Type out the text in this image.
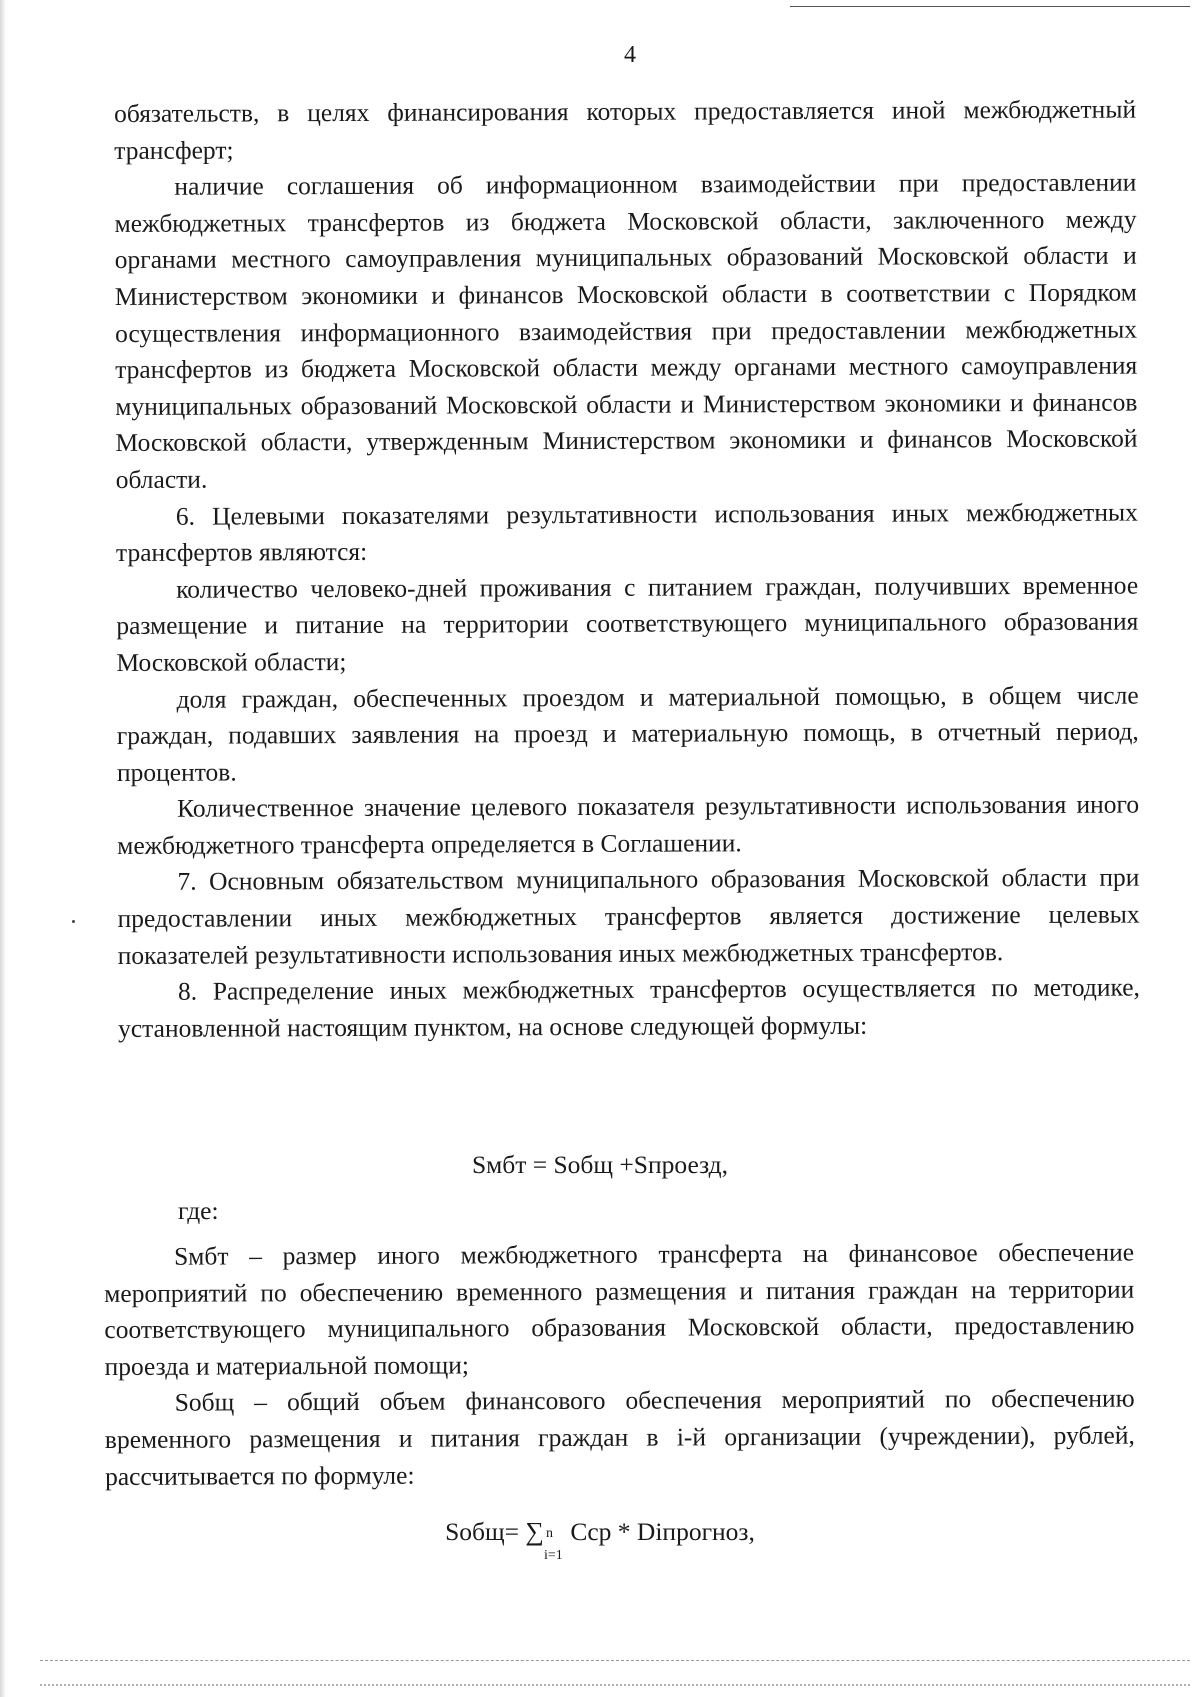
4

обязательств, в целях финансирования которых предоставляется иной межбюджетный трансферт;

наличие соглашения об информационном взаимодействии при предоставлении межбюджетных трансфертов из бюджета Московской области, заключенного между органами местного самоуправления муниципальных образований Московской области и Министерством экономики и финансов Московской области в соответствии с Порядком осуществления информационного взаимодействия при предоставлении межбюджетных трансфертов из бюджета Московской области между органами местного самоуправления муниципальных образований Московской области и Министерством экономики и финансов Московской области, утвержденным Министерством экономики и финансов Московской области.

6. Целевыми показателями результативности использования иных межбюджетных трансфертов являются:

количество человеко-дней проживания с питанием граждан, получивших временное размещение и питание на территории соответствующего муниципального образования Московской области;

доля граждан, обеспеченных проездом и материальной помощью, в общем числе граждан, подавших заявления на проезд и материальную помощь, в отчетный период, процентов.

Количественное значение целевого показателя результативности использования иного межбюджетного трансферта определяется в Соглашении.

7. Основным обязательством муниципального образования Московской области при предоставлении иных межбюджетных трансфертов является достижение целевых показателей результативности использования иных межбюджетных трансфертов.

8. Распределение иных межбюджетных трансфертов осуществляется по методике, установленной настоящим пунктом, на основе следующей формулы:

Sмбт = Sобщ +Sпроезд,
где:

Sмбт – размер иного межбюджетного трансферта на финансовое обеспечение мероприятий по обеспечению временного размещения и питания граждан на территории соответствующего муниципального образования Московской области, предоставлению проезда и материальной помощи;

Sобщ – общий объем финансового обеспечения мероприятий по обеспечению временного размещения и питания граждан в i-й организации (учреждении), рублей, рассчитывается по формуле:

Sобщ= ∑ n
i=1
Cср * Diпрогноз,
